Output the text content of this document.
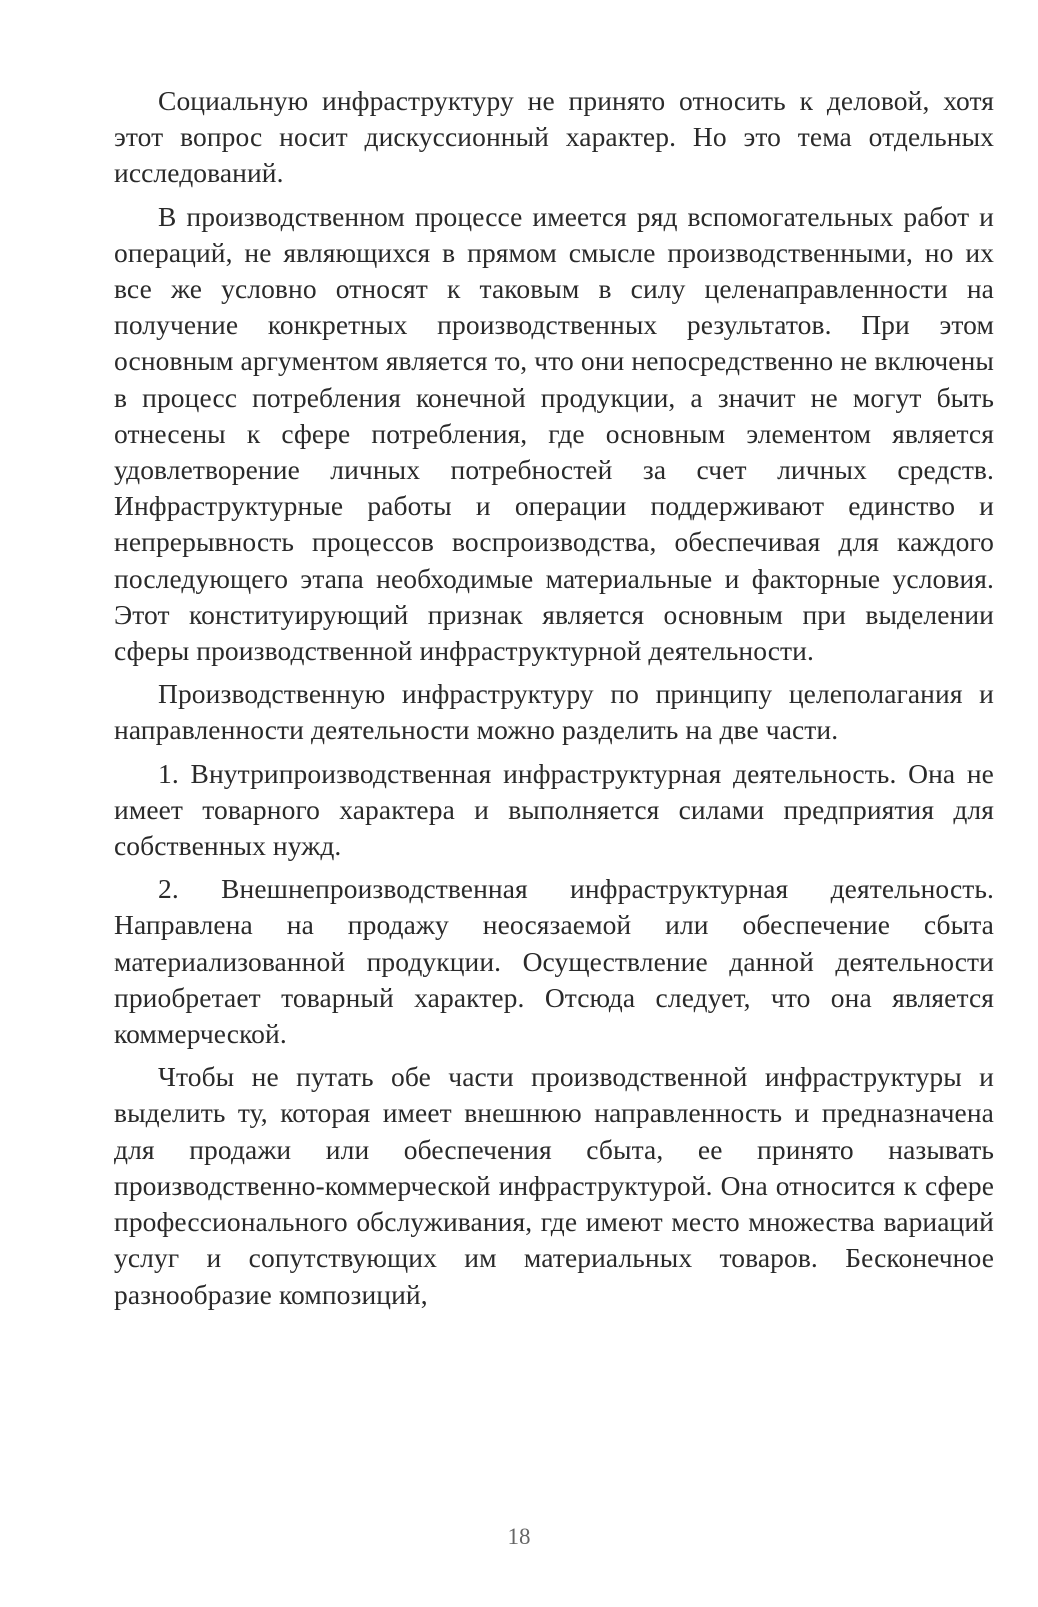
Социальную инфраструктуру не принято относить к деловой, хотя этот вопрос носит дискуссионный характер. Но это тема отдельных исследований.

В производственном процессе имеется ряд вспомогательных работ и операций, не являющихся в прямом смысле производственными, но их все же условно относят к таковым в силу целенаправленности на получение конкретных производственных результатов. При этом основным аргументом является то, что они непосредственно не включены в процесс потребления конечной продукции, а значит не могут быть отнесены к сфере потребления, где основным элементом является удовлетворение личных потребностей за счет личных средств. Инфраструктурные работы и операции поддерживают единство и непрерывность процессов воспроизводства, обеспечивая для каждого последующего этапа необходимые материальные и факторные условия. Этот конституирующий признак является основным при выделении сферы производственной инфраструктурной деятельности.

Производственную инфраструктуру по принципу целеполагания и направленности деятельности можно разделить на две части.

1. Внутрипроизводственная инфраструктурная деятельность. Она не имеет товарного характера и выполняется силами предприятия для собственных нужд.

2. Внешнепроизводственная инфраструктурная деятельность. Направлена на продажу неосязаемой или обеспечение сбыта материализованной продукции. Осуществление данной деятельности приобретает товарный характер. Отсюда следует, что она является коммерческой.

Чтобы не путать обе части производственной инфраструктуры и выделить ту, которая имеет внешнюю направленность и предназначена для продажи или обеспечения сбыта, ее принято называть производственно-коммерческой инфраструктурой. Она относится к сфере профессионального обслуживания, где имеют место множества вариаций услуг и сопутствующих им материальных товаров. Бесконечное разнообразие композиций,

18
